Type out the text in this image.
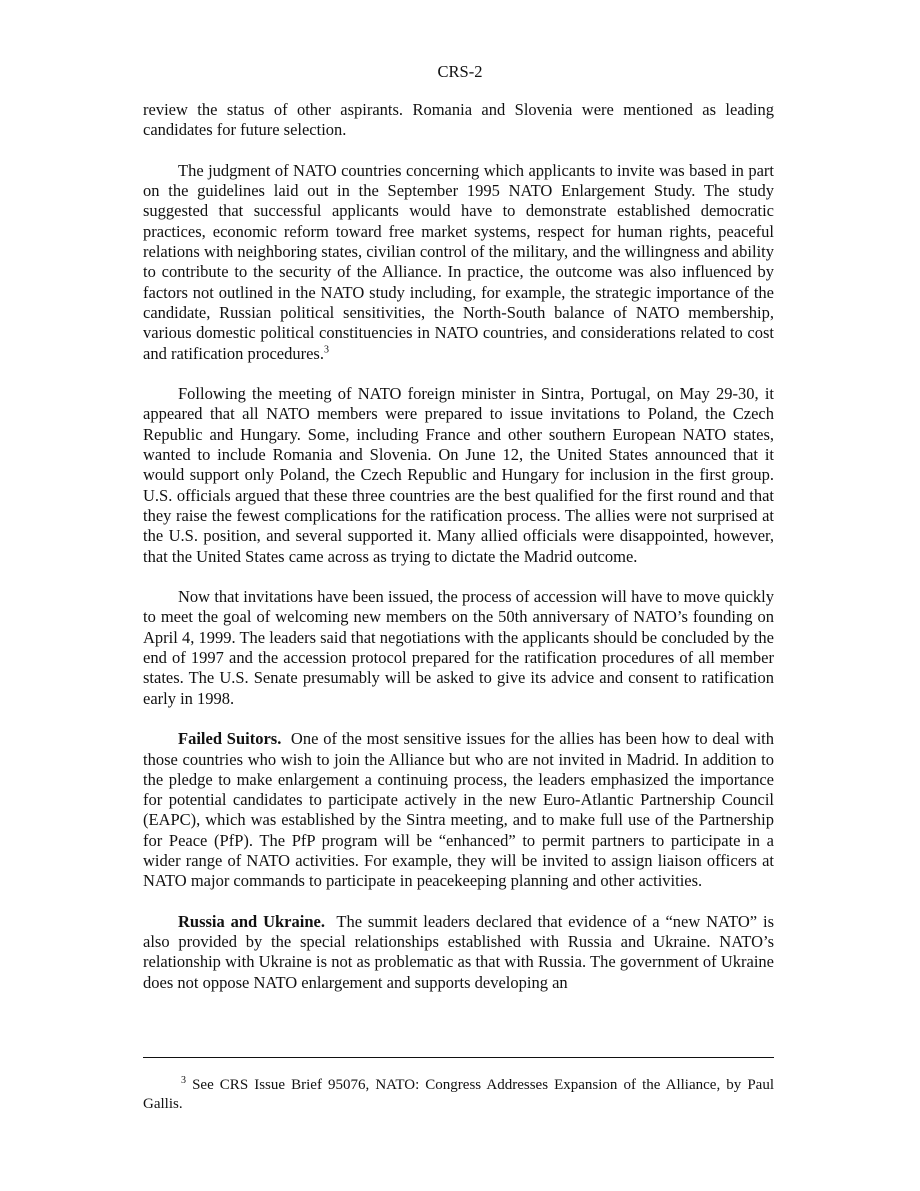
CRS-2

review the status of other aspirants. Romania and Slovenia were mentioned as leading candidates for future selection.

The judgment of NATO countries concerning which applicants to invite was based in part on the guidelines laid out in the September 1995 NATO Enlargement Study. The study suggested that successful applicants would have to demonstrate established democratic practices, economic reform toward free market systems, respect for human rights, peaceful relations with neighboring states, civilian control of the military, and the willingness and ability to contribute to the security of the Alliance. In practice, the outcome was also influenced by factors not outlined in the NATO study including, for example, the strategic importance of the candidate, Russian political sensitivities, the North-South balance of NATO membership, various domestic political constituencies in NATO countries, and considerations related to cost and ratification procedures.$^3$

Following the meeting of NATO foreign minister in Sintra, Portugal, on May 29-30, it appeared that all NATO members were prepared to issue invitations to Poland, the Czech Republic and Hungary. Some, including France and other southern European NATO states, wanted to include Romania and Slovenia. On June 12, the United States announced that it would support only Poland, the Czech Republic and Hungary for inclusion in the first group. U.S. officials argued that these three countries are the best qualified for the first round and that they raise the fewest complications for the ratification process. The allies were not surprised at the U.S. position, and several supported it. Many allied officials were disappointed, however, that the United States came across as trying to dictate the Madrid outcome.

Now that invitations have been issued, the process of accession will have to move quickly to meet the goal of welcoming new members on the 50th anniversary of NATO’s founding on April 4, 1999. The leaders said that negotiations with the applicants should be concluded by the end of 1997 and the accession protocol prepared for the ratification procedures of all member states. The U.S. Senate presumably will be asked to give its advice and consent to ratification early in 1998.

Failed Suitors. One of the most sensitive issues for the allies has been how to deal with those countries who wish to join the Alliance but who are not invited in Madrid. In addition to the pledge to make enlargement a continuing process, the leaders emphasized the importance for potential candidates to participate actively in the new Euro-Atlantic Partnership Council (EAPC), which was established by the Sintra meeting, and to make full use of the Partnership for Peace (PfP). The PfP program will be “enhanced” to permit partners to participate in a wider range of NATO activities. For example, they will be invited to assign liaison officers at NATO major commands to participate in peacekeeping planning and other activities.

Russia and Ukraine. The summit leaders declared that evidence of a “new NATO” is also provided by the special relationships established with Russia and Ukraine. NATO’s relationship with Ukraine is not as problematic as that with Russia. The government of Ukraine does not oppose NATO enlargement and supports developing an

$^3$ See CRS Issue Brief 95076, NATO: Congress Addresses Expansion of the Alliance, by Paul Gallis.
